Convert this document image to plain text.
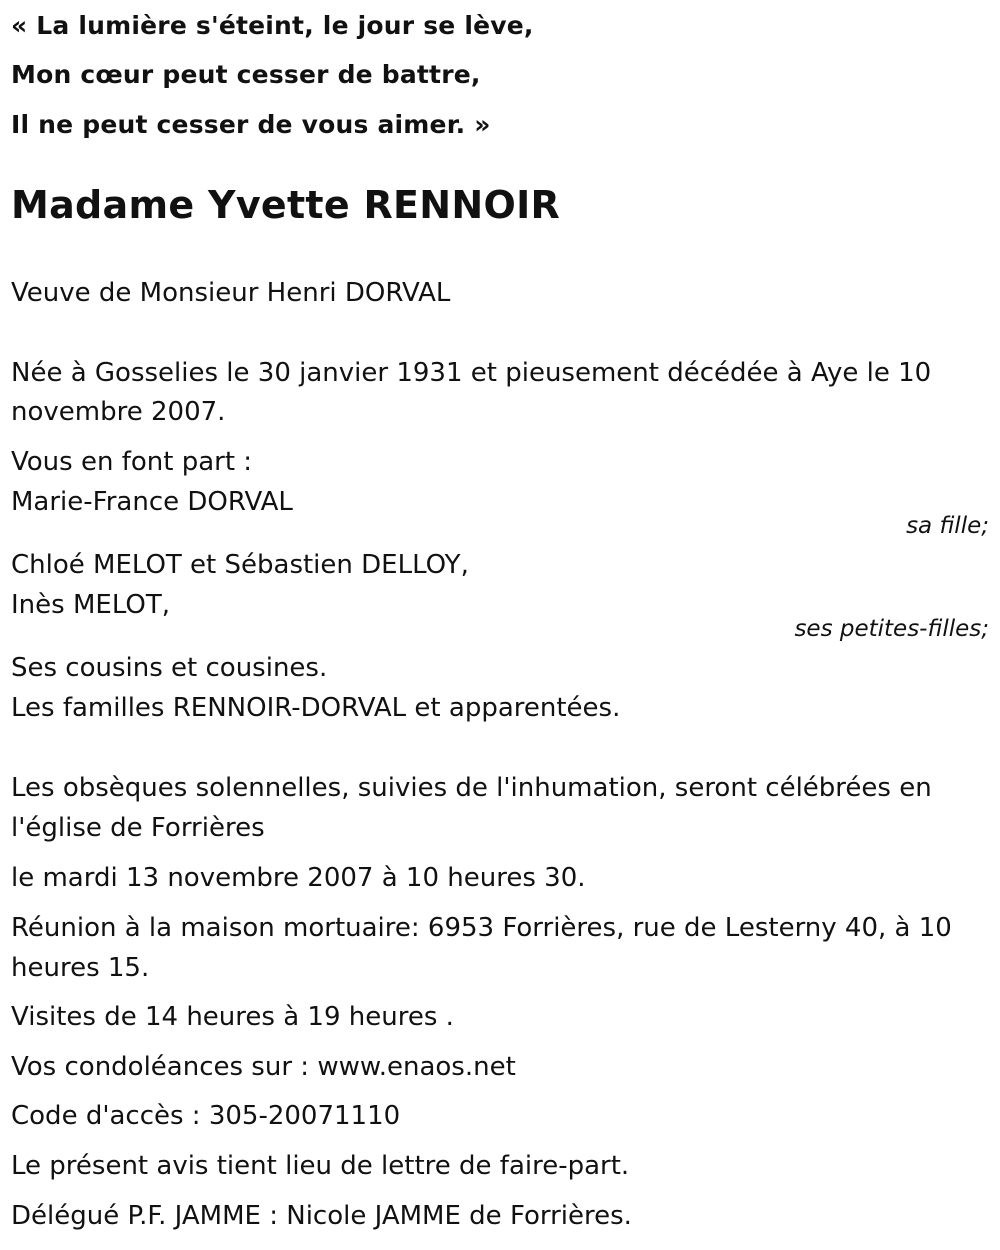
« La lumière s'éteint, le jour se lève,

Mon cœur peut cesser de battre,

Il ne peut cesser de vous aimer. »

Madame Yvette RENNOIR

Veuve de Monsieur Henri DORVAL

Née à Gosselies le 30 janvier 1931 et pieusement décédée à Aye le 10

novembre 2007.

Vous en font part :

Marie-France DORVAL

sa fille;

Chloé MELOT et Sébastien DELLOY,

Inès MELOT,

ses petites-filles;

Ses cousins et cousines.

Les familles RENNOIR-DORVAL et apparentées.

Les obsèques solennelles, suivies de l'inhumation, seront célébrées en

l'église de Forrières

le mardi 13 novembre 2007 à 10 heures 30.

Réunion à la maison mortuaire: 6953 Forrières, rue de Lesterny 40, à 10

heures 15.

Visites de 14 heures à 19 heures .

Vos condoléances sur : www.enaos.net

Code d'accès : 305-20071110

Le présent avis tient lieu de lettre de faire-part.

Délégué P.F. JAMME : Nicole JAMME de Forrières.
